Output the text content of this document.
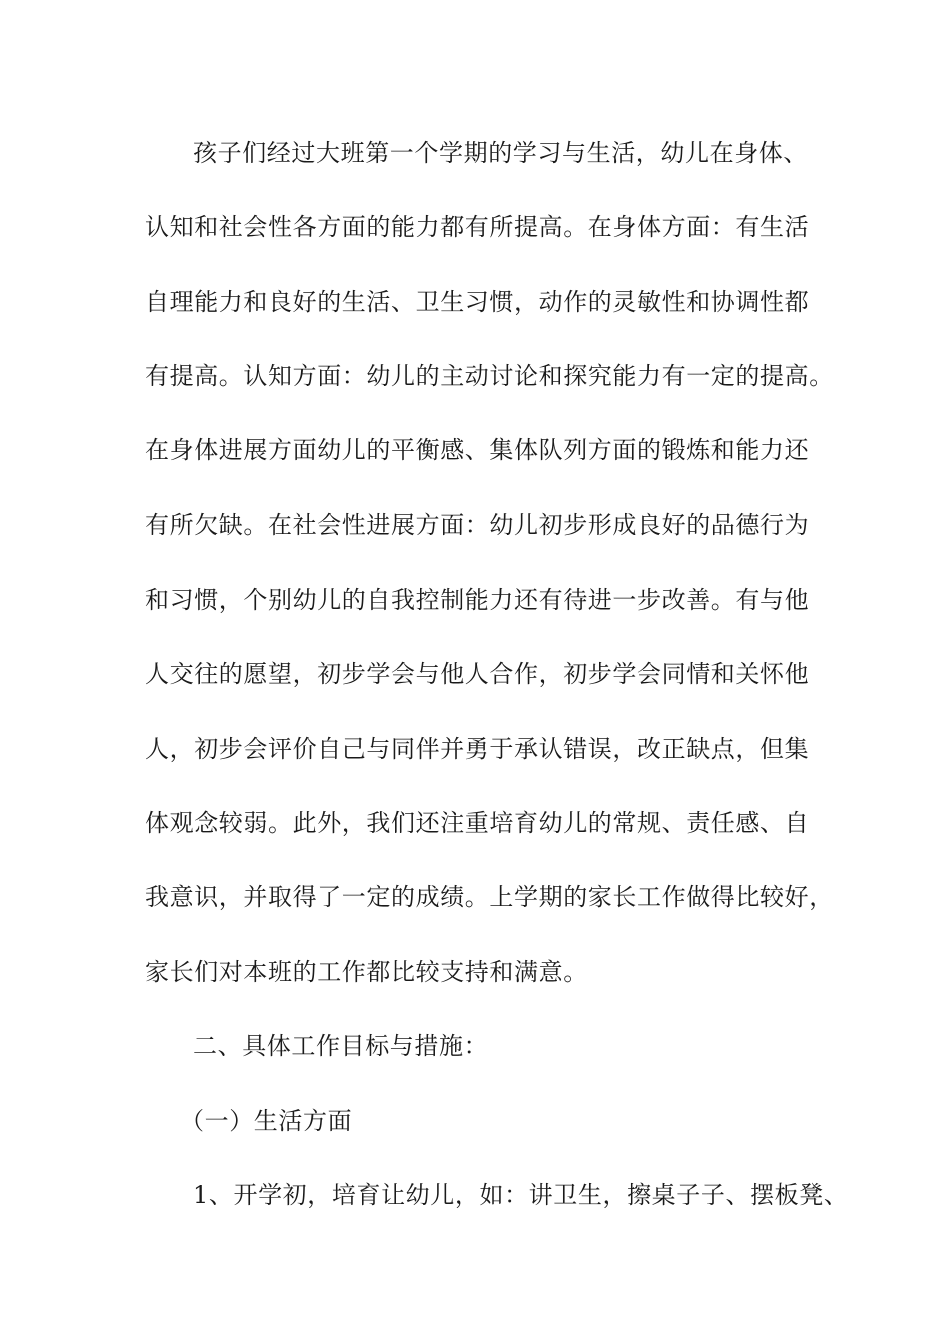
孩子们经过大班第一个学期的学习与生活，幼儿在身体、
认知和社会性各方面的能力都有所提高。在身体方面：有生活
自理能力和良好的生活、卫生习惯，动作的灵敏性和协调性都
有提高。认知方面：幼儿的主动讨论和探究能力有一定的提高。
在身体进展方面幼儿的平衡感、集体队列方面的锻炼和能力还
有所欠缺。在社会性进展方面：幼儿初步形成良好的品德行为
和习惯，个别幼儿的自我控制能力还有待进一步改善。有与他
人交往的愿望，初步学会与他人合作，初步学会同情和关怀他
人，初步会评价自己与同伴并勇于承认错误，改正缺点，但集
体观念较弱。此外，我们还注重培育幼儿的常规、责任感、自
我意识，并取得了一定的成绩。上学期的家长工作做得比较好，
家长们对本班的工作都比较支持和满意。
二、具体工作目标与措施：
（一）生活方面
1、开学初，培育让幼儿，如：讲卫生，擦桌子子、摆板凳、
